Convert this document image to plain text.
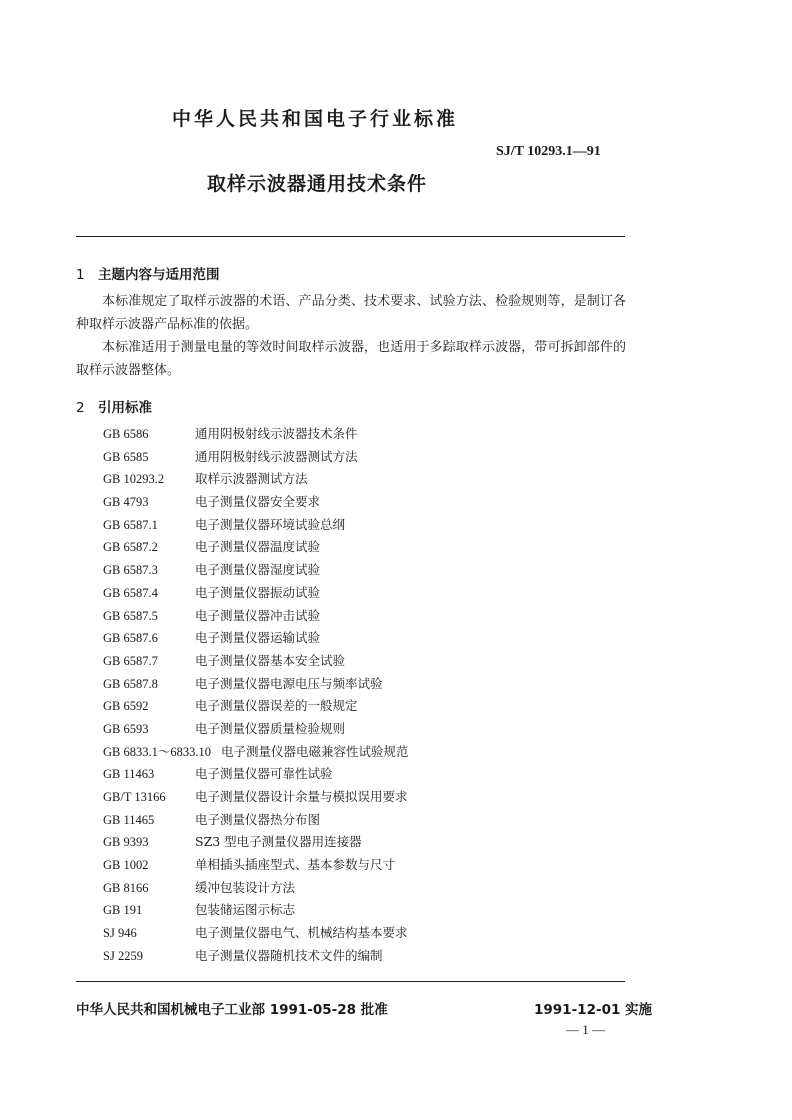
中华人民共和国电子行业标准
SJ/T 10293.1—91
取样示波器通用技术条件
1 主题内容与适用范围
本标准规定了取样示波器的术语、产品分类、技术要求、试验方法、检验规则等，是制订各种取样示波器产品标准的依据。
本标准适用于测量电量的等效时间取样示波器，也适用于多踪取样示波器，带可拆卸部件的取样示波器整体。
2 引用标准
GB 6586	通用阴极射线示波器技术条件
GB 6585	通用阴极射线示波器测试方法
GB 10293.2 取样示波器测试方法
GB 4793	电子测量仪器安全要求
GB 6587.1	电子测量仪器环境试验总纲
GB 6587.2	电子测量仪器温度试验
GB 6587.3	电子测量仪器湿度试验
GB 6587.4	电子测量仪器振动试验
GB 6587.5	电子测量仪器冲击试验
GB 6587.6	电子测量仪器运输试验
GB 6587.7	电子测量仪器基本安全试验
GB 6587.8	电子测量仪器电源电压与频率试验
GB 6592	电子测量仪器误差的一般规定
GB 6593	电子测量仪器质量检验规则
GB 6833.1～6833.10 电子测量仪器电磁兼容性试验规范
GB 11463	电子测量仪器可靠性试验
GB/T 13166 电子测量仪器设计余量与模拟误用要求
GB 11465	电子测量仪器热分布图
GB 9393	SZ3 型电子测量仪器用连接器
GB 1002	单相插头插座型式、基本参数与尺寸
GB 8166	缓冲包装设计方法
GB 191	包装储运图示标志
SJ 946	电子测量仪器电气、机械结构基本要求
SJ 2259	电子测量仪器随机技术文件的编制
中华人民共和国机械电子工业部 1991-05-28 批准	1991-12-01 实施
— 1 —
